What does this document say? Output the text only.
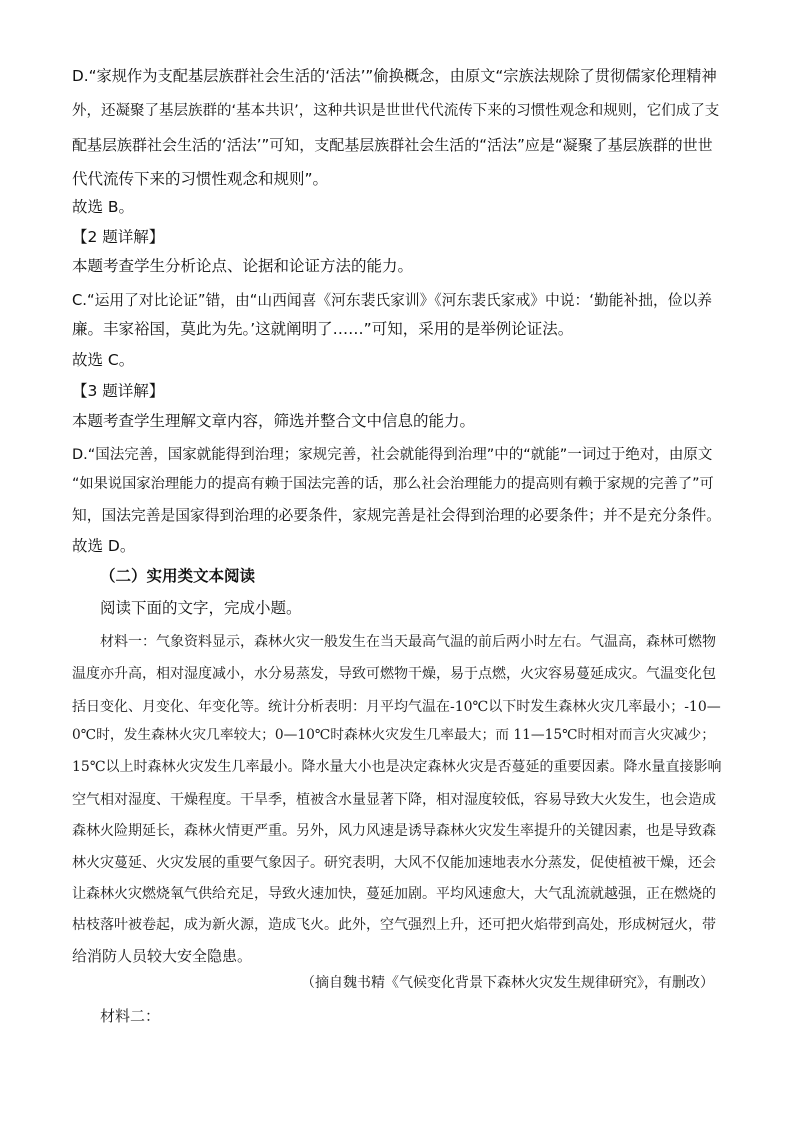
D.“家规作为支配基层族群社会生活的‘活法’”偷换概念，由原文“宗族法规除了贯彻儒家伦理精神
外，还凝聚了基层族群的‘基本共识’，这种共识是世世代代流传下来的习惯性观念和规则，它们成了支
配基层族群社会生活的‘活法’”可知，支配基层族群社会生活的“活法”应是“凝聚了基层族群的世世
代代流传下来的习惯性观念和规则”。
故选 B。
【2 题详解】
本题考查学生分析论点、论据和论证方法的能力。
C.“运用了对比论证”错，由“山西闻喜《河东裴氏家训》《河东裴氏家戒》中说：‘勤能补拙，俭以养
廉。丰家裕国，莫此为先。’这就阐明了……”可知，采用的是举例论证法。
故选 C。
【3 题详解】
本题考查学生理解文章内容，筛选并整合文中信息的能力。
D.“国法完善，国家就能得到治理；家规完善，社会就能得到治理”中的“就能”一词过于绝对，由原文
“如果说国家治理能力的提高有赖于国法完善的话，那么社会治理能力的提高则有赖于家规的完善了”可
知，国法完善是国家得到治理的必要条件，家规完善是社会得到治理的必要条件；并不是充分条件。
故选 D。
（二）实用类文本阅读
阅读下面的文字，完成小题。
材料一：气象资料显示，森林火灾一般发生在当天最高气温的前后两小时左右。气温高，森林可燃物
温度亦升高，相对湿度减小，水分易蒸发，导致可燃物干燥，易于点燃，火灾容易蔓延成灾。气温变化包
括日变化、月变化、年变化等。统计分析表明：月平均气温在-10℃以下时发生森林火灾几率最小；-10—
0℃时，发生森林火灾几率较大；0—10℃时森林火灾发生几率最大；而 11—15℃时相对而言火灾减少；
15℃以上时森林火灾发生几率最小。降水量大小也是决定森林火灾是否蔓延的重要因素。降水量直接影响
空气相对湿度、干燥程度。干旱季，植被含水量显著下降，相对湿度较低，容易导致大火发生，也会造成
森林火险期延长，森林火情更严重。另外，风力风速是诱导森林火灾发生率提升的关键因素，也是导致森
林火灾蔓延、火灾发展的重要气象因子。研究表明，大风不仅能加速地表水分蒸发，促使植被干燥，还会
让森林火灾燃烧氧气供给充足，导致火速加快，蔓延加剧。平均风速愈大，大气乱流就越强，正在燃烧的
枯枝落叶被卷起，成为新火源，造成飞火。此外，空气强烈上升，还可把火焰带到高处，形成树冠火，带
给消防人员较大安全隐患。
（摘自魏书精《气候变化背景下森林火灾发生规律研究》，有删改）
材料二：
